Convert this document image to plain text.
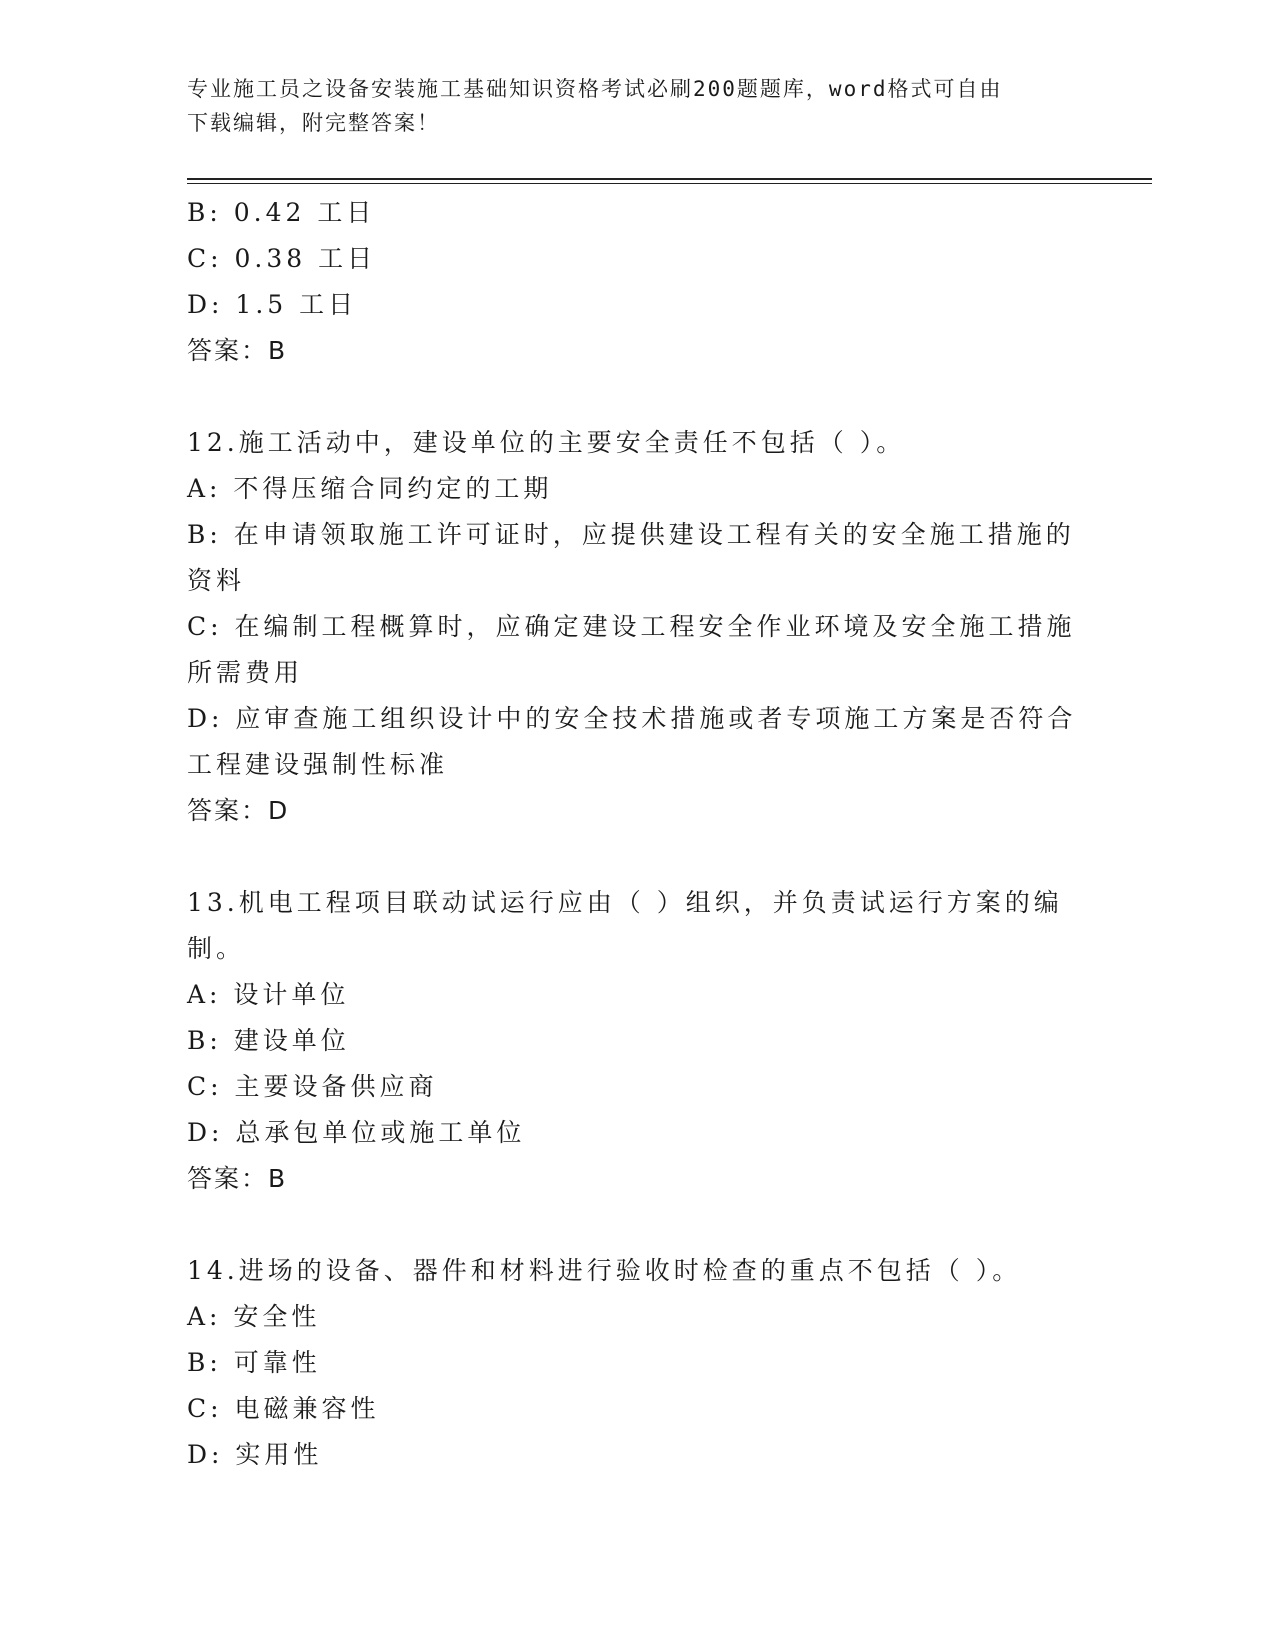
专业施工员之设备安装施工基础知识资格考试必刷200题题库，word格式可自由
下载编辑，附完整答案！
B: 0.42 工日
C: 0.38 工日
D: 1.5 工日
答案：B
12.施工活动中，建设单位的主要安全责任不包括（ ）。
A: 不得压缩合同约定的工期
B: 在申请领取施工许可证时，应提供建设工程有关的安全施工措施的
资料
C: 在编制工程概算时，应确定建设工程安全作业环境及安全施工措施
所需费用
D: 应审查施工组织设计中的安全技术措施或者专项施工方案是否符合
工程建设强制性标准
答案：D
13.机电工程项目联动试运行应由（ ）组织，并负责试运行方案的编
制。
A: 设计单位
B: 建设单位
C: 主要设备供应商
D: 总承包单位或施工单位
答案：B
14.进场的设备、器件和材料进行验收时检查的重点不包括（ ）。
A: 安全性
B: 可靠性
C: 电磁兼容性
D: 实用性
